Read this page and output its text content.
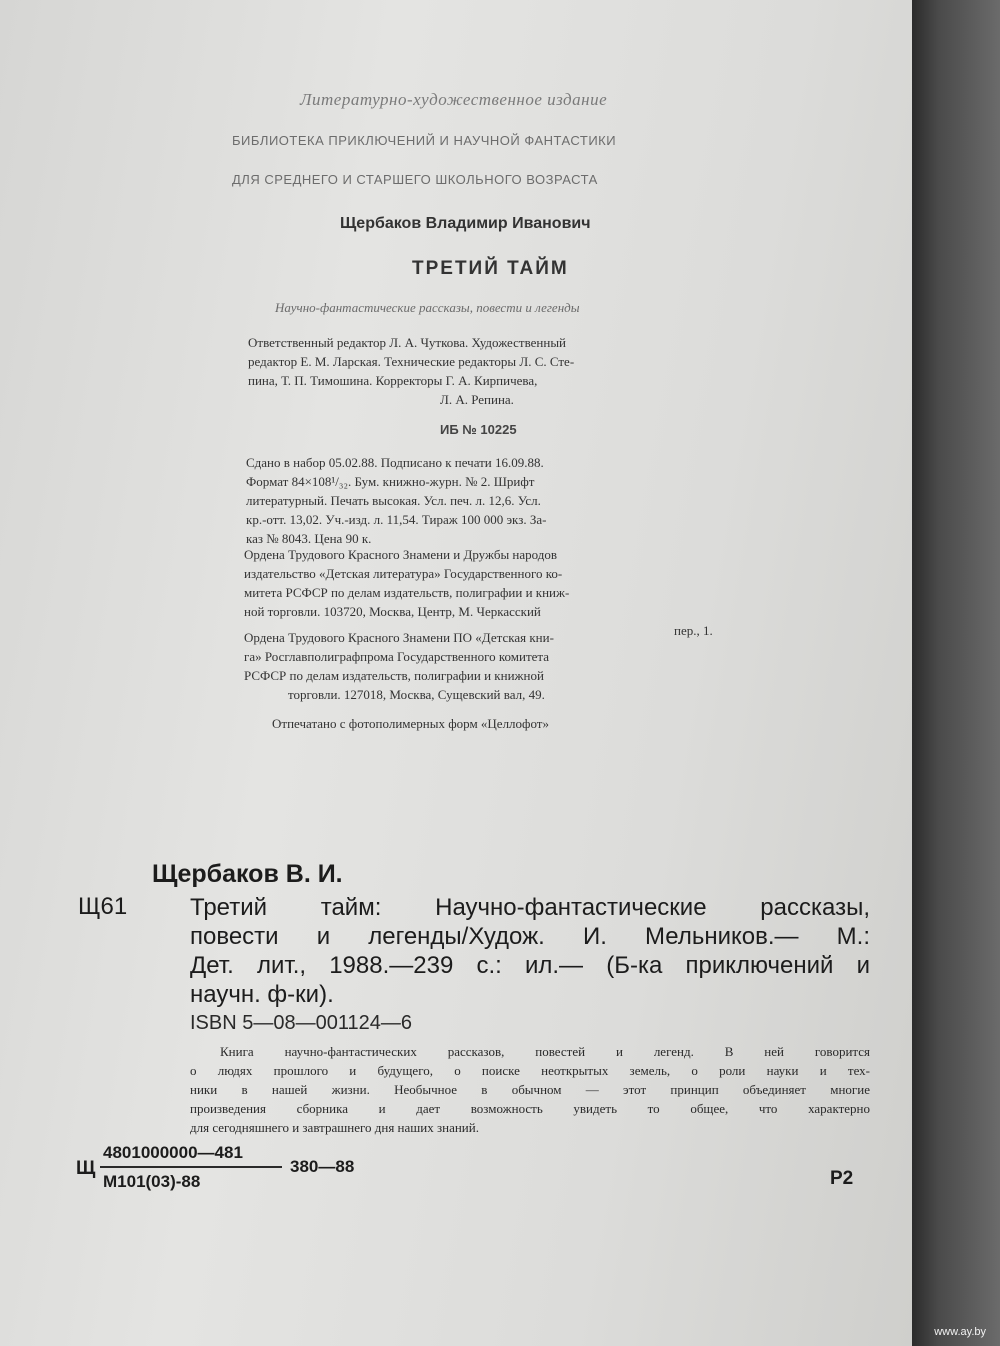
Литературно-художественное издание
БИБЛИОТЕКА ПРИКЛЮЧЕНИЙ И НАУЧНОЙ ФАНТАСТИКИ
ДЛЯ СРЕДНЕГО И СТАРШЕГО ШКОЛЬНОГО ВОЗРАСТА
Щербаков Владимир Иванович
ТРЕТИЙ ТАЙМ
Научно-фантастические рассказы, повести и легенды
Ответственный редактор Л. А. Чуткова. Художественный
редактор Е. М. Ларская. Технические редакторы Л. С. Сте-
пина, Т. П. Тимошина. Корректоры Г. А. Кирпичева,
Л. А. Репина.
ИБ № 10225
Сдано в набор 05.02.88. Подписано к печати 16.09.88.
Формат 84×108¹/₃₂. Бум. книжно-журн. № 2. Шрифт
литературный. Печать высокая. Усл. печ. л. 12,6. Усл.
кр.-отт. 13,02. Уч.-изд. л. 11,54. Тираж 100 000 экз. За-
каз № 8043. Цена 90 к.
Ордена Трудового Красного Знамени и Дружбы народов
издательство «Детская литература» Государственного ко-
митета РСФСР по делам издательств, полиграфии и книж-
ной торговли. 103720, Москва, Центр, М. Черкасский
пер., 1.
Ордена Трудового Красного Знамени ПО «Детская кни-
га» Росглавполиграфпрома Государственного комитета
РСФСР по делам издательств, полиграфии и книжной
торговли. 127018, Москва, Сущевский вал, 49.
Отпечатано с фотополимерных форм «Целлофот»
Щербаков В. И.
Щ61	Третий тайм: Научно-фантастические рассказы,
повести и легенды/Худож. И. Мельников.— М.:
Дет. лит., 1988.—239 с.: ил.— (Б-ка приключений и
научн. ф-ки).
ISBN 5—08—001124—6
Книга научно-фантастических рассказов, повестей и легенд. В ней говорится
о людях прошлого и будущего, о поиске неоткрытых земель, о роли науки и тех-
ники в нашей жизни. Необычное в обычном — этот принцип объединяет многие
произведения сборника и дает возможность увидеть то общее, что характерно
для сегодняшнего и завтрашнего дня наших знаний.
Щ
4801000000—481
М101(03)-88
380—88
Р2
www.ay.by
